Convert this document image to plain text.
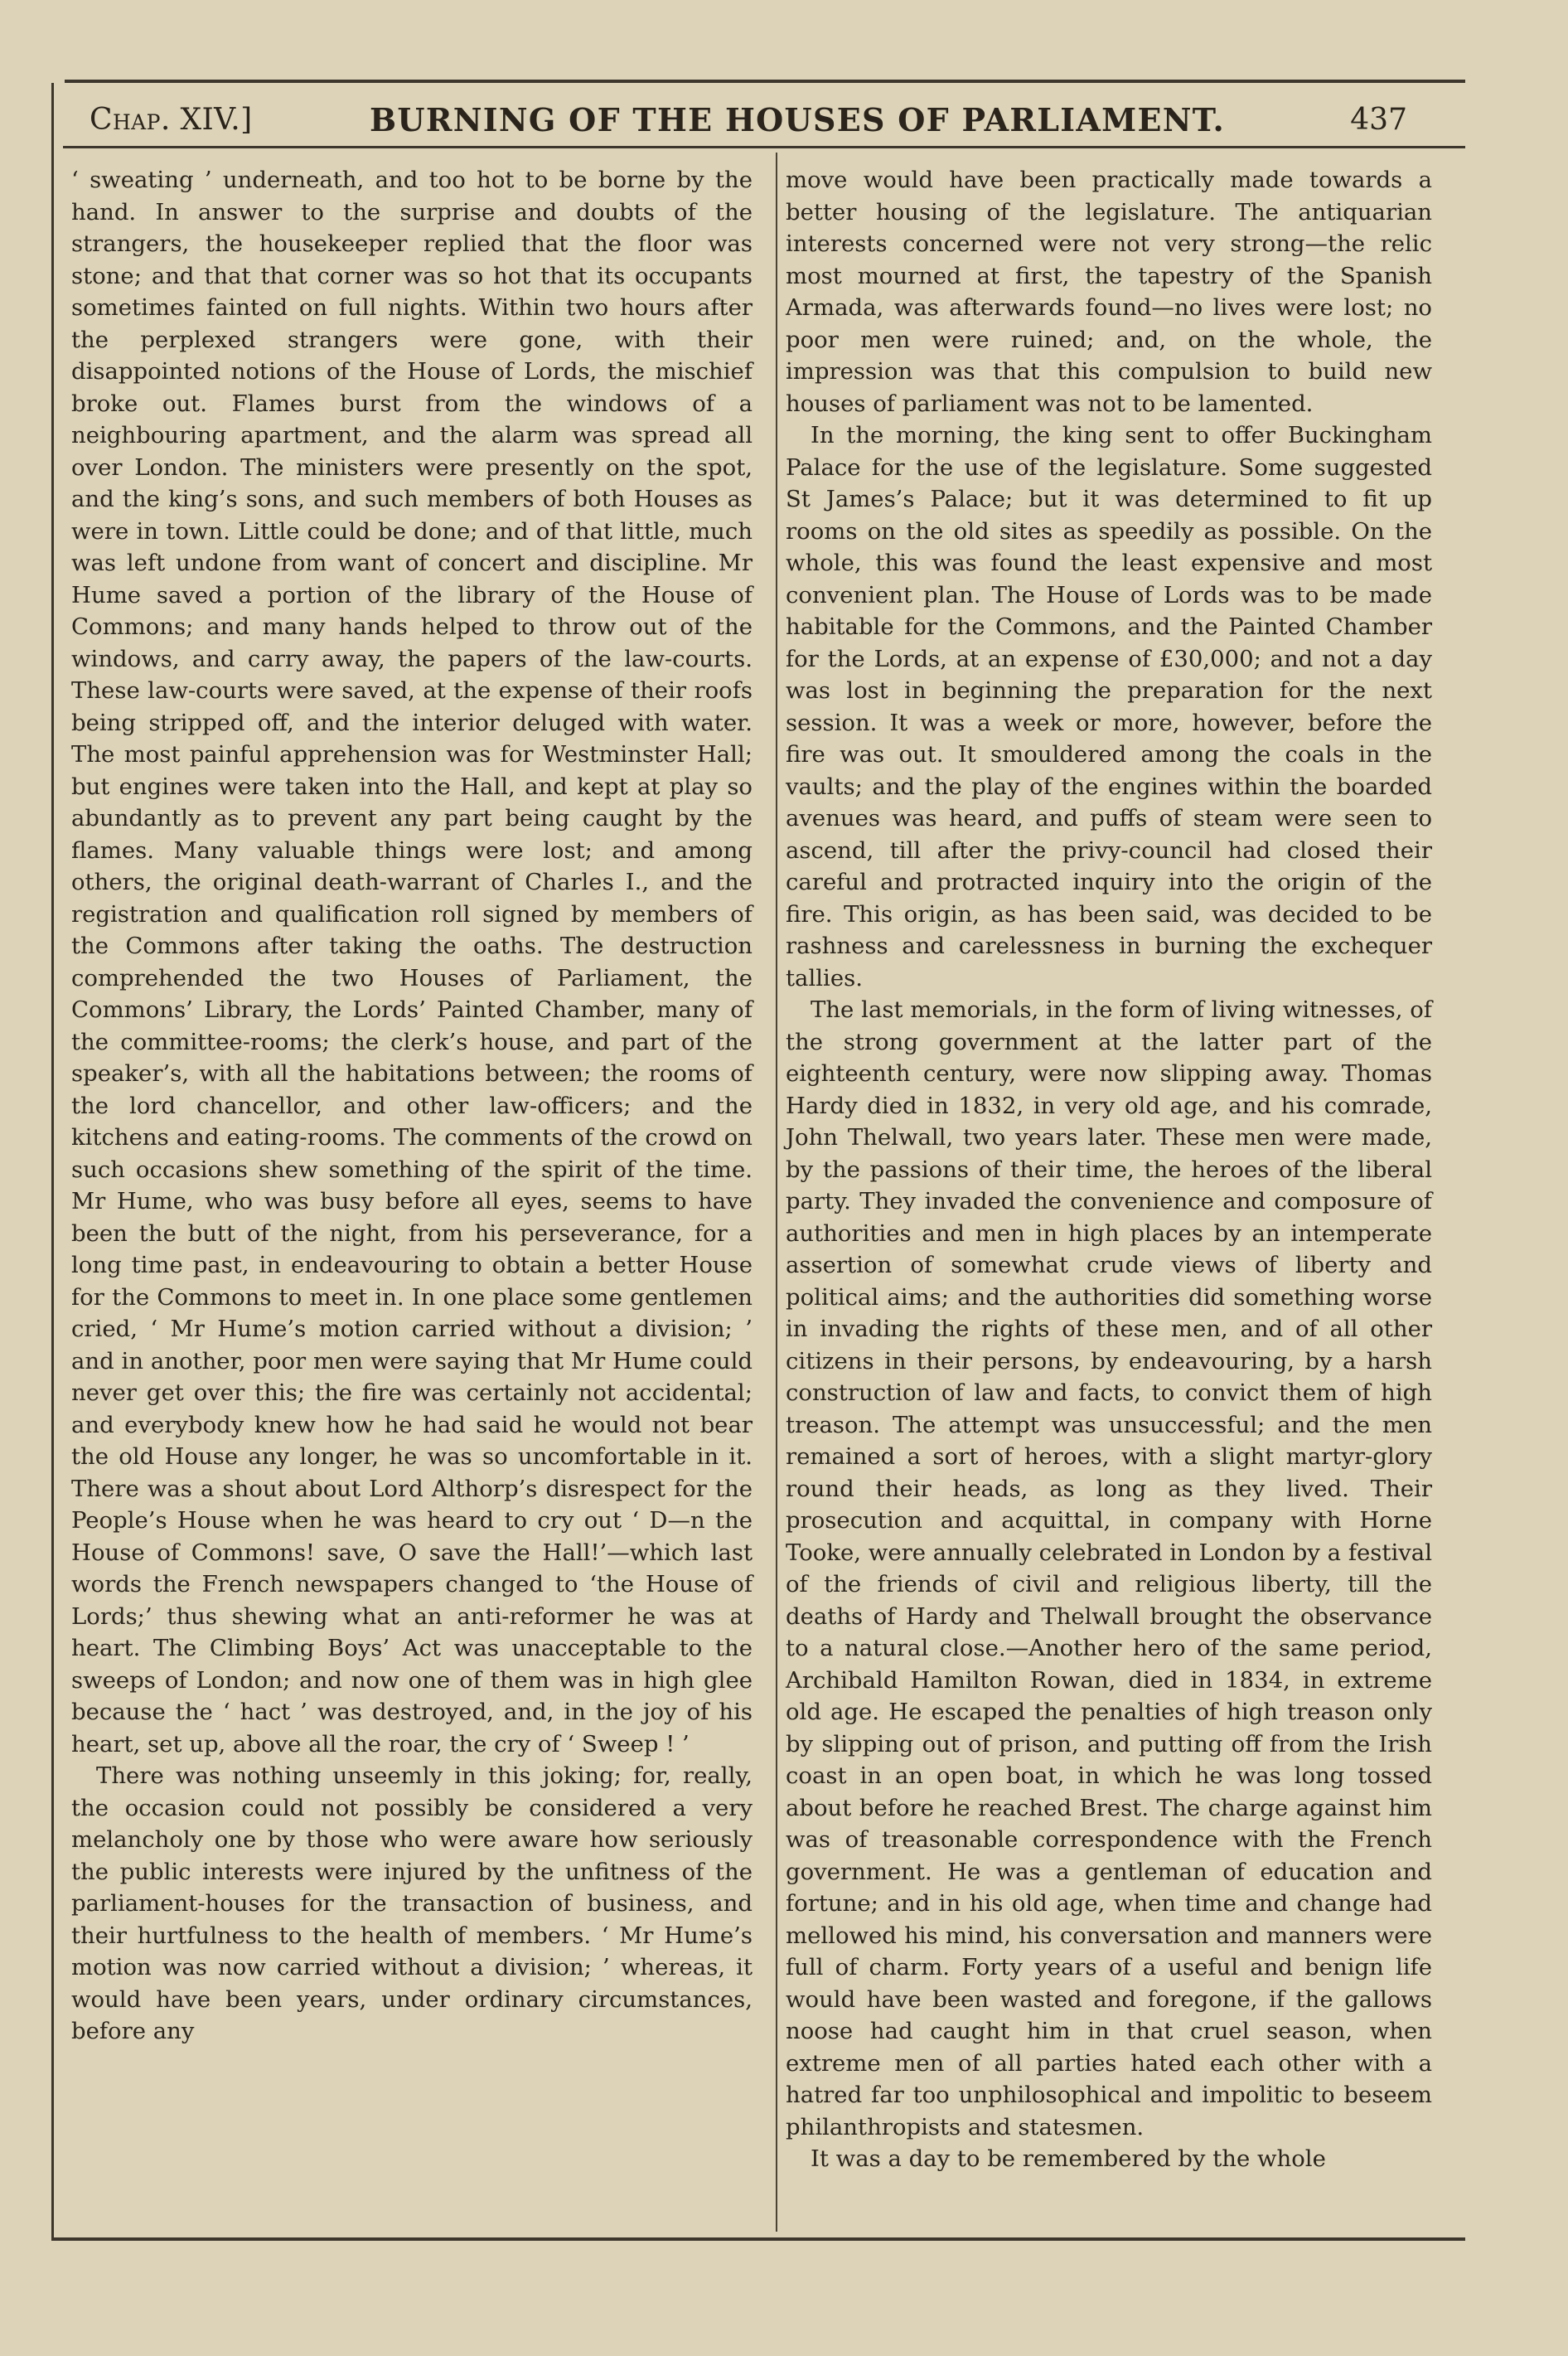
Chap. XIV.]	BURNING OF THE HOUSES OF PARLIAMENT.	437

‘ sweating ’ underneath, and too hot to be borne by the hand. In answer to the surprise and doubts of the strangers, the housekeeper replied that the floor was stone; and that that corner was so hot that its occupants sometimes fainted on full nights. Within two hours after the perplexed strangers were gone, with their disappointed notions of the House of Lords, the mischief broke out. Flames burst from the windows of a neighbouring apartment, and the alarm was spread all over London. The ministers were presently on the spot, and the king’s sons, and such members of both Houses as were in town. Little could be done; and of that little, much was left undone from want of concert and discipline. Mr Hume saved a portion of the library of the House of Commons; and many hands helped to throw out of the windows, and carry away, the papers of the law-courts. These law-courts were saved, at the expense of their roofs being stripped off, and the interior deluged with water. The most painful apprehension was for Westminster Hall; but engines were taken into the Hall, and kept at play so abundantly as to prevent any part being caught by the flames. Many valuable things were lost; and among others, the original death-warrant of Charles I., and the registration and qualification roll signed by members of the Commons after taking the oaths. The destruction comprehended the two Houses of Parliament, the Commons’ Library, the Lords’ Painted Chamber, many of the committee-rooms; the clerk’s house, and part of the speaker’s, with all the habitations between; the rooms of the lord chancellor, and other law-officers; and the kitchens and eating-rooms. The comments of the crowd on such occasions shew something of the spirit of the time. Mr Hume, who was busy before all eyes, seems to have been the butt of the night, from his perseverance, for a long time past, in endeavouring to obtain a better House for the Commons to meet in. In one place some gentlemen cried, ‘ Mr Hume’s motion carried without a division; ’ and in another, poor men were saying that Mr Hume could never get over this; the fire was certainly not accidental; and everybody knew how he had said he would not bear the old House any longer, he was so uncomfortable in it. There was a shout about Lord Althorp’s disrespect for the People’s House when he was heard to cry out ‘ D—n the House of Commons! save, O save the Hall!’—which last words the French newspapers changed to ‘the House of Lords;’ thus shewing what an anti-reformer he was at heart. The Climbing Boys’ Act was unacceptable to the sweeps of London; and now one of them was in high glee because the ‘ hact ’ was destroyed, and, in the joy of his heart, set up, above all the roar, the cry of ‘ Sweep ! ’

There was nothing unseemly in this joking; for, really, the occasion could not possibly be considered a very melancholy one by those who were aware how seriously the public interests were injured by the unfitness of the parliament-houses for the transaction of business, and their hurtfulness to the health of members. ‘ Mr Hume’s motion was now carried without a division; ’ whereas, it would have been years, under ordinary circumstances, before any

move would have been practically made towards a better housing of the legislature. The antiquarian interests concerned were not very strong—the relic most mourned at first, the tapestry of the Spanish Armada, was afterwards found—no lives were lost; no poor men were ruined; and, on the whole, the impression was that this compulsion to build new houses of parliament was not to be lamented.

In the morning, the king sent to offer Buckingham Palace for the use of the legislature. Some suggested St James’s Palace; but it was determined to fit up rooms on the old sites as speedily as possible. On the whole, this was found the least expensive and most convenient plan. The House of Lords was to be made habitable for the Commons, and the Painted Chamber for the Lords, at an expense of £30,000; and not a day was lost in beginning the preparation for the next session. It was a week or more, however, before the fire was out. It smouldered among the coals in the vaults; and the play of the engines within the boarded avenues was heard, and puffs of steam were seen to ascend, till after the privy-council had closed their careful and protracted inquiry into the origin of the fire. This origin, as has been said, was decided to be rashness and carelessness in burning the exchequer tallies.

The last memorials, in the form of living witnesses, of the strong government at the latter part of the eighteenth century, were now slipping away. Thomas Hardy died in 1832, in very old age, and his comrade, John Thelwall, two years later. These men were made, by the passions of their time, the heroes of the liberal party. They invaded the convenience and composure of authorities and men in high places by an intemperate assertion of somewhat crude views of liberty and political aims; and the authorities did something worse in invading the rights of these men, and of all other citizens in their persons, by endeavouring, by a harsh construction of law and facts, to convict them of high treason. The attempt was unsuccessful; and the men remained a sort of heroes, with a slight martyr-glory round their heads, as long as they lived. Their prosecution and acquittal, in company with Horne Tooke, were annually celebrated in London by a festival of the friends of civil and religious liberty, till the deaths of Hardy and Thelwall brought the observance to a natural close.—Another hero of the same period, Archibald Hamilton Rowan, died in 1834, in extreme old age. He escaped the penalties of high treason only by slipping out of prison, and putting off from the Irish coast in an open boat, in which he was long tossed about before he reached Brest. The charge against him was of treasonable correspondence with the French government. He was a gentleman of education and fortune; and in his old age, when time and change had mellowed his mind, his conversation and manners were full of charm. Forty years of a useful and benign life would have been wasted and foregone, if the gallows noose had caught him in that cruel season, when extreme men of all parties hated each other with a hatred far too unphilosophical and impolitic to beseem philanthropists and statesmen.

It was a day to be remembered by the whole
